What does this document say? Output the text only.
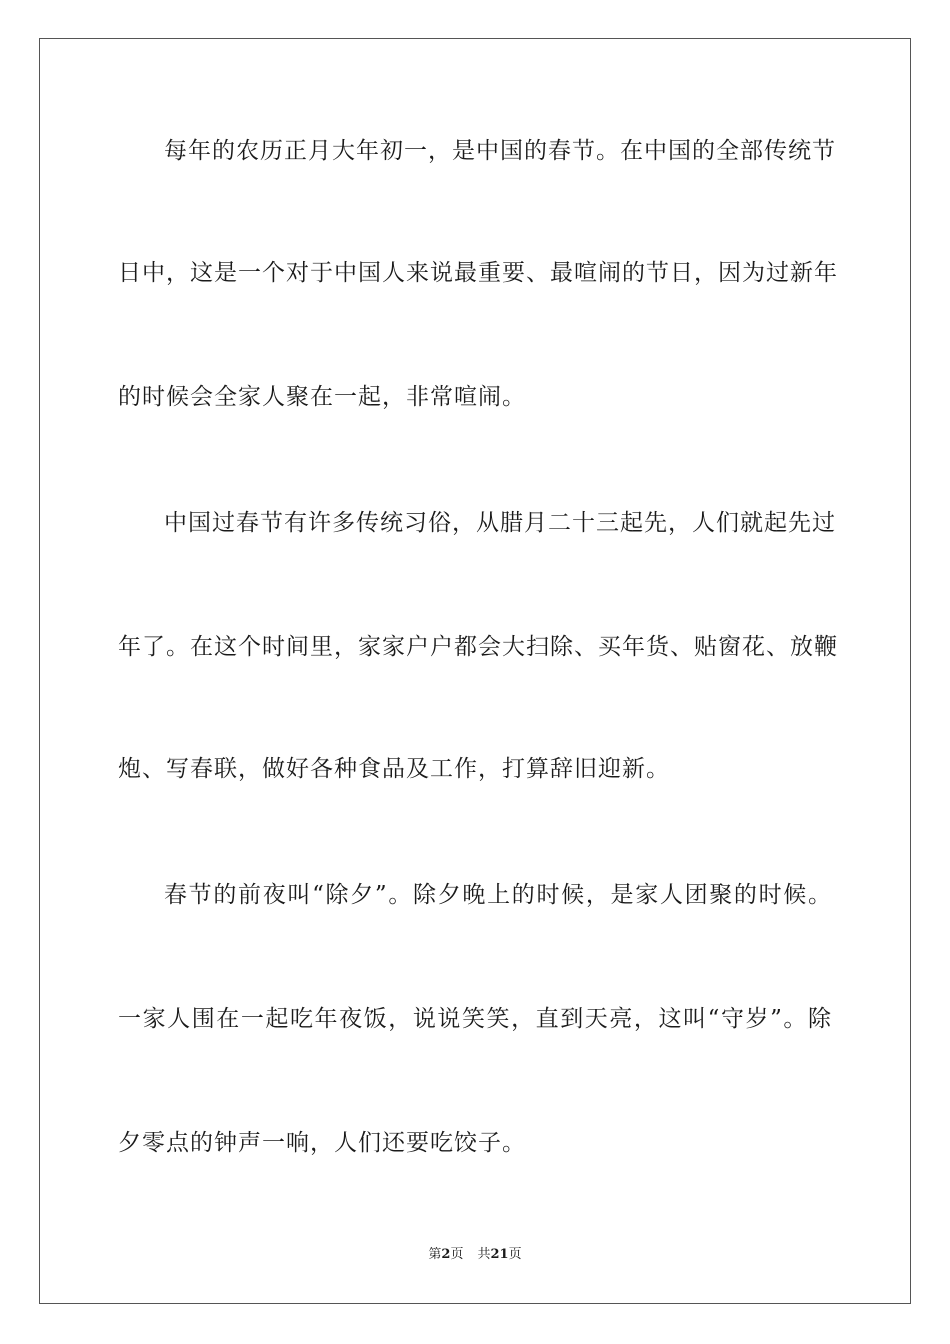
每年的农历正月大年初一，是中国的春节。在中国的全部传统节
日中，这是一个对于中国人来说最重要、最喧闹的节日，因为过新年
的时候会全家人聚在一起，非常喧闹。
中国过春节有许多传统习俗，从腊月二十三起先，人们就起先过
年了。在这个时间里，家家户户都会大扫除、买年货、贴窗花、放鞭
炮、写春联，做好各种食品及工作，打算辞旧迎新。
春节的前夜叫“除夕”。除夕晚上的时候，是家人团聚的时候。
一家人围在一起吃年夜饭，说说笑笑，直到天亮，这叫“守岁”。除
夕零点的钟声一响，人们还要吃饺子。
第2页 共21页
